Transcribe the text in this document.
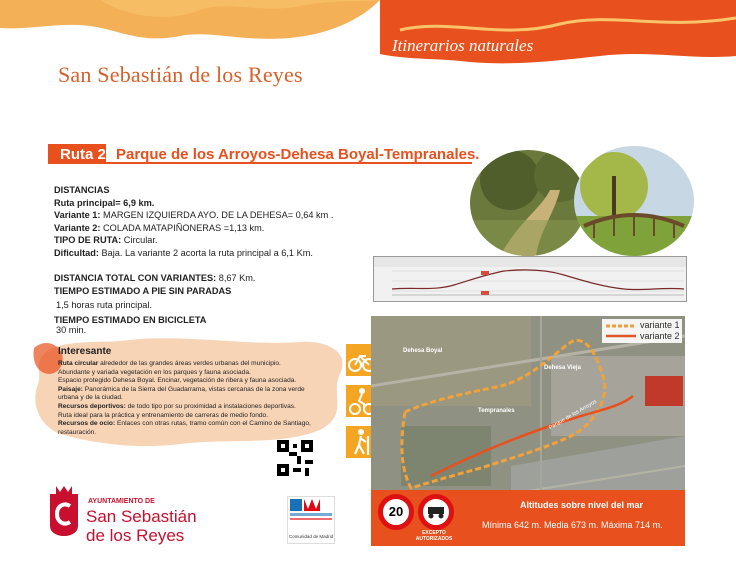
Itinerarios naturales
San Sebastián de los Reyes
Ruta 2 Parque de los Arroyos-Dehesa Boyal-Tempranales.
DISTANCIAS
Ruta principal= 6,9 km.
Variante 1: MARGEN IZQUIERDA AYO. DE LA DEHESA= 0,64 km .
Variante 2: COLADA MATAPIÑONERAS =1,13 km.
TIPO DE RUTA: Circular.
Dificultad: Baja. La variante 2 acorta la ruta principal a 6,1 Km.
DISTANCIA TOTAL CON VARIANTES: 8,67 Km.
TIEMPO ESTIMADO A PIE SIN PARADAS
1,5 horas ruta principal.
TIEMPO ESTIMADO EN BICICLETA
30 min.
Interesante
Ruta circular alrededor de las grandes áreas verdes urbanas del municipio.
Abundante y variada vegetación en los parques y fauna asociada.
Espacio protegido Dehesa Boyal. Encinar, vegetación de ribera y fauna asociada.
Paisaje: Panorámica de la Sierra del Guadarrama, vistas cercanas de la zona verde
urbana y de la ciudad.
Recursos deportivos: de todo tipo por su proximidad a instalaciones deportivas.
Ruta ideal para la práctica y entrenamiento de carreras de medio fondo.
Recursos de ocio: Enlaces con otras rutas, tramo común con el Camino de Santiago,
restauración.

variante 1
variante 2
Dehesa Boyal
Dehesa Vieja
Tempranales	Parque de los Arroyos
Altitudes sobre nivel del mar
Mínima 642 m. Media 673 m. Máxima 714 m.
20
EXCEPTO AUTORIZADOS
AYUNTAMIENTO DE
San Sebastián
de los Reyes	Comunidad de Madrid
